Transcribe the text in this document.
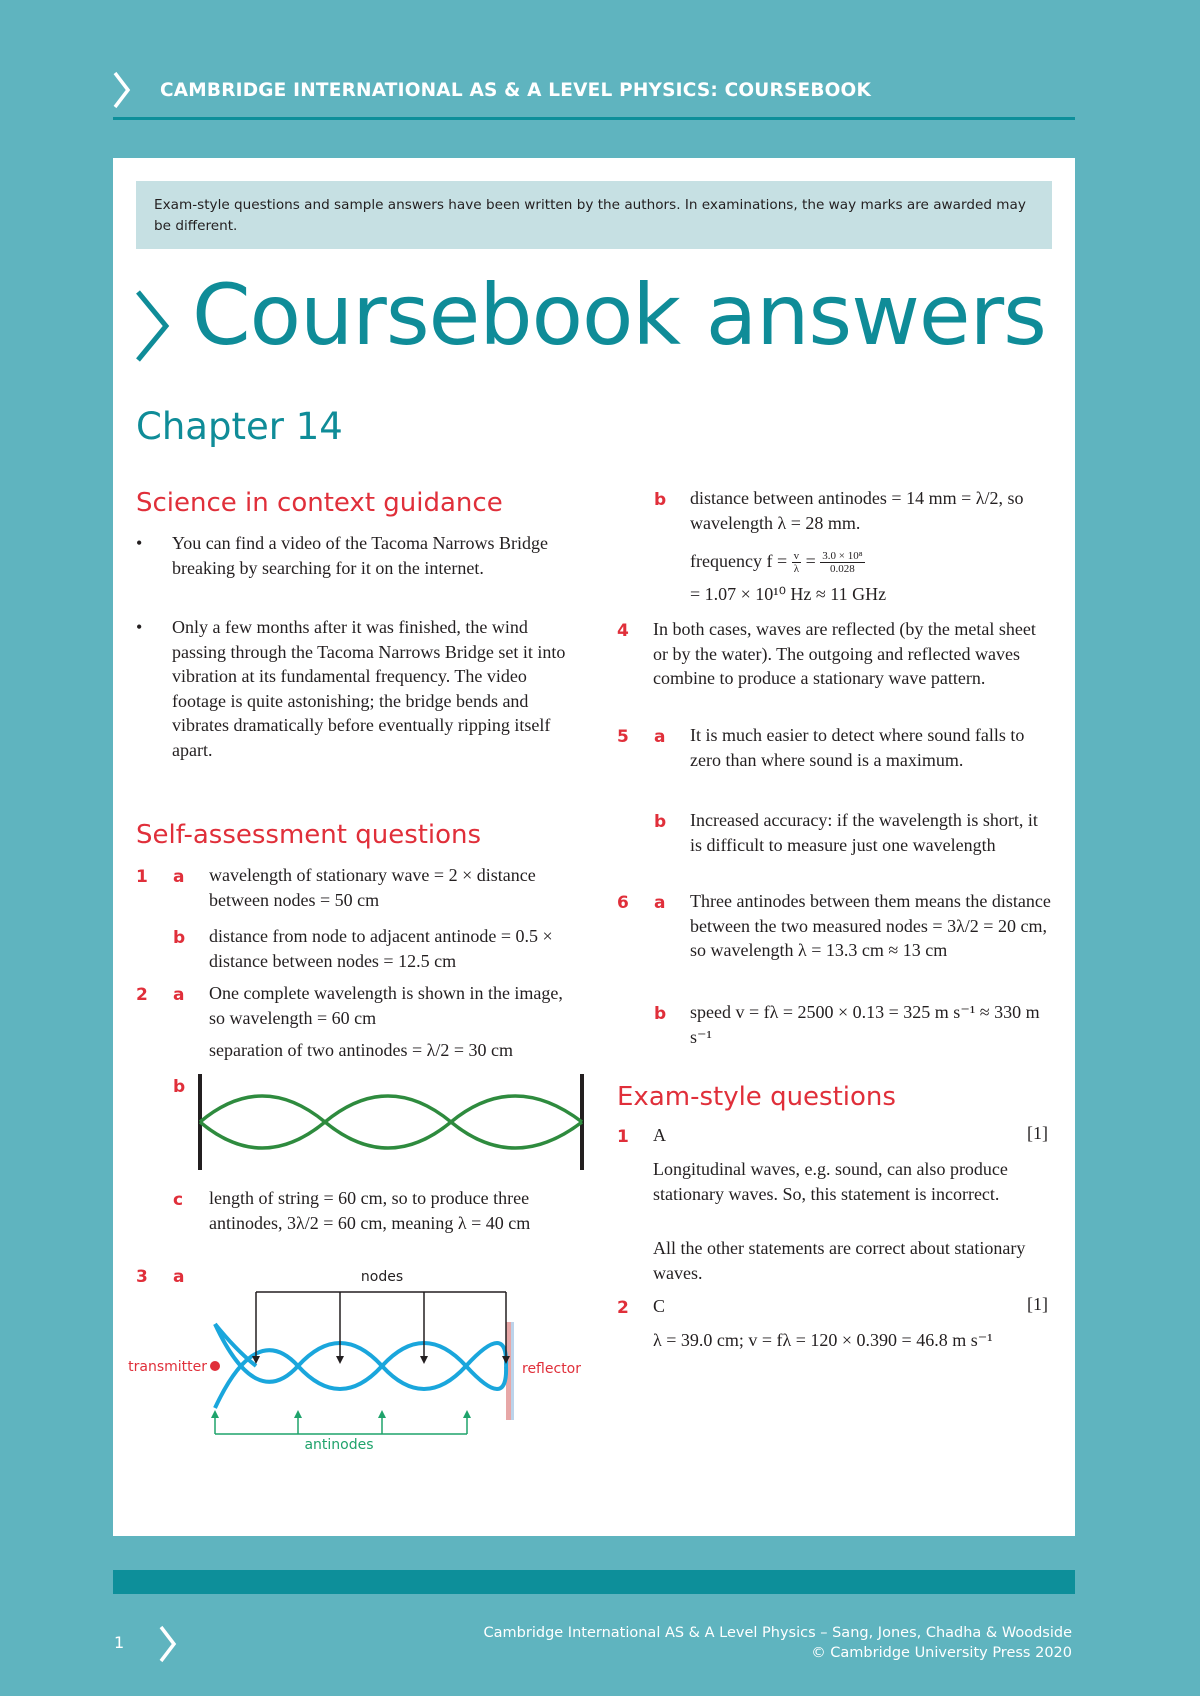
CAMBRIDGE INTERNATIONAL AS & A LEVEL PHYSICS: COURSEBOOK
Exam-style questions and sample answers have been written by the authors. In examinations, the way marks are awarded may be different.
Coursebook answers
Chapter 14
Science in context guidance
• You can find a video of the Tacoma Narrows Bridge breaking by searching for it on the internet.
• Only a few months after it was finished, the wind passing through the Tacoma Narrows Bridge set it into vibration at its fundamental frequency. The video footage is quite astonishing; the bridge bends and vibrates dramatically before eventually ripping itself apart.
Self-assessment questions
1 a wavelength of stationary wave = 2 × distance between nodes = 50 cm
b distance from node to adjacent antinode = 0.5 × distance between nodes = 12.5 cm
2 a One complete wavelength is shown in the image, so wavelength = 60 cm
separation of two antinodes = λ/2 = 30 cm
b
c length of string = 60 cm, so to produce three antinodes, 3λ/2 = 60 cm, meaning λ = 40 cm
3 a	nodes
transmitter	reflector
antinodes
b distance between antinodes = 14 mm = λ/2, so wavelength λ = 28 mm.
frequency $f = \frac{v}{\lambda} = \frac{\text{3.0 × 10⁸}}{0.028}$
= 1.07 × 10¹⁰ Hz ≈ 11 GHz
4 In both cases, waves are reflected (by the metal sheet or by the water). The outgoing and reflected waves combine to produce a stationary wave pattern.
5 a It is much easier to detect where sound falls to zero than where sound is a maximum.
b Increased accuracy: if the wavelength is short, it is difficult to measure just one wavelength
6 a Three antinodes between them means the distance between the two measured nodes = 3λ/2 = 20 cm, so wavelength λ = 13.3 cm ≈ 13 cm
b speed v = fλ = 2500 × 0.13 = 325 m s⁻¹ ≈ 330 m s⁻¹
Exam-style questions
1 A	[1]
Longitudinal waves, e.g. sound, can also produce stationary waves. So, this statement is incorrect.
All the other statements are correct about stationary waves.
2 C	[1]
λ = 39.0 cm; v = fλ = 120 × 0.390 = 46.8 m s⁻¹
1	Cambridge International AS & A Level Physics – Sang, Jones, Chadha & Woodside
© Cambridge University Press 2020
